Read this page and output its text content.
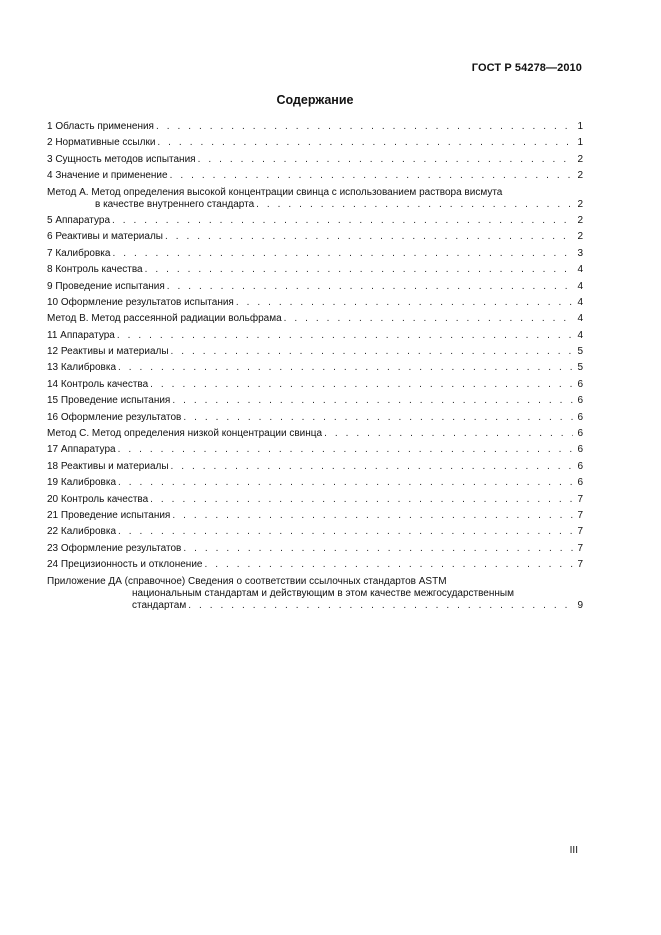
ГОСТ Р 54278—2010
Содержание
1 Область применения . . .	1
2 Нормативные ссылки . . .	1
3 Сущность методов испытания . . .	2
4 Значение и применение . . .	2
Метод А. Метод определения высокой концентрации свинца с использованием раствора висмута
в качестве внутреннего стандарта . . .	2
5 Аппаратура . . .	2
6 Реактивы и материалы . . .	2
7 Калибровка . . .	3
8 Контроль качества . . .	4
9 Проведение испытания . . .	4
10 Оформление результатов испытания . . .	4
Метод В. Метод рассеянной радиации вольфрама . . .	4
11 Аппаратура . . .	4
12 Реактивы и материалы . . .	5
13 Калибровка . . .	5
14 Контроль качества . . .	6
15 Проведение испытания . . .	6
16 Оформление результатов . . .	6
Метод С. Метод определения низкой концентрации свинца . . .	6
17 Аппаратура . . .	6
18 Реактивы и материалы . . .	6
19 Калибровка . . .	6
20 Контроль качества . . .	7
21 Проведение испытания . . .	7
22 Калибровка . . .	7
23 Оформление результатов . . .	7
24 Прецизионность и отклонение . . .	7
Приложение ДА (справочное) Сведения о соответствии ссылочных стандартов ASTM
национальным стандартам и действующим в этом качестве межгосударственным
стандартам . . .	9
III
